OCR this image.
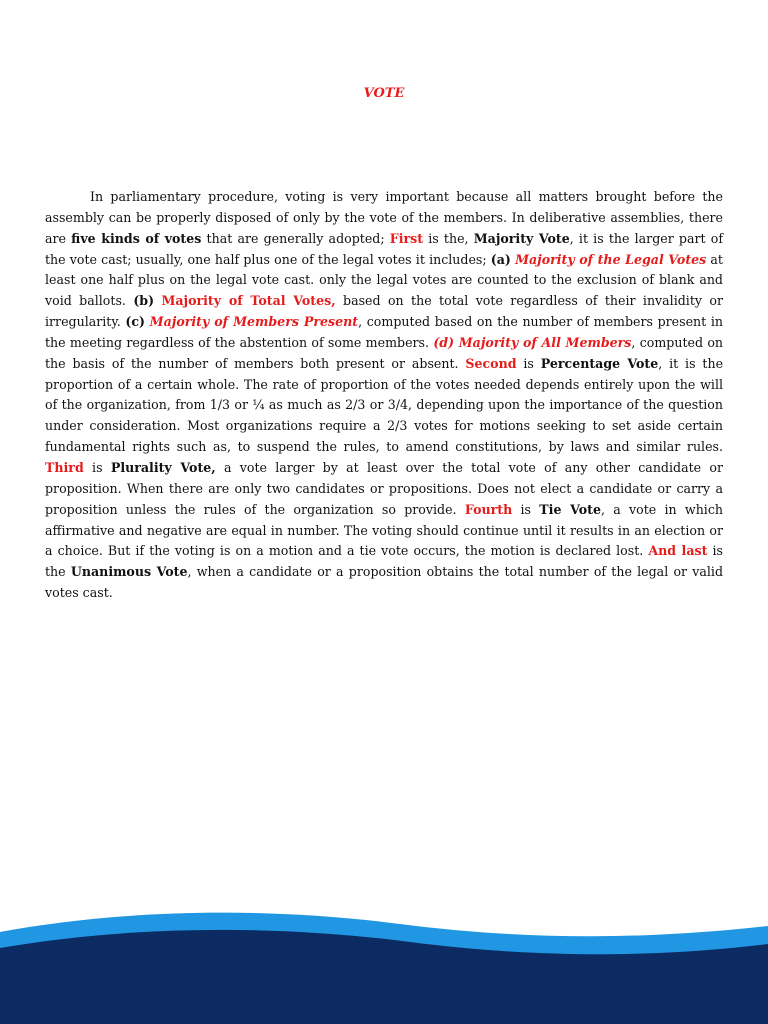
VOTE

In parliamentary procedure, voting is very important because all matters brought before the assembly can be properly disposed of only by the vote of the members. In deliberative assemblies, there are five kinds of votes that are generally adopted; First is the, Majority Vote, it is the larger part of the vote cast; usually, one half plus one of the legal votes it includes; (a) Majority of the Legal Votes at least one half plus on the legal vote cast. only the legal votes are counted to the exclusion of blank and void ballots. (b) Majority of Total Votes, based on the total vote regardless of their invalidity or irregularity. (c) Majority of Members Present, computed based on the number of members present in the meeting regardless of the abstention of some members. (d) Majority of All Members, computed on the basis of the number of members both present or absent. Second is Percentage Vote, it is the proportion of a certain whole. The rate of proportion of the votes needed depends entirely upon the will of the organization, from 1/3 or ¼ as much as 2/3 or 3/4, depending upon the importance of the question under consideration. Most organizations require a 2/3 votes for motions seeking to set aside certain fundamental rights such as, to suspend the rules, to amend constitutions, by laws and similar rules. Third is Plurality Vote, a vote larger by at least over the total vote of any other candidate or proposition. When there are only two candidates or propositions. Does not elect a candidate or carry a proposition unless the rules of the organization so provide. Fourth is Tie Vote, a vote in which affirmative and negative are equal in number. The voting should continue until it results in an election or a choice. But if the voting is on a motion and a tie vote occurs, the motion is declared lost. And last is the Unanimous Vote, when a candidate or a proposition obtains the total number of the legal or valid votes cast.
